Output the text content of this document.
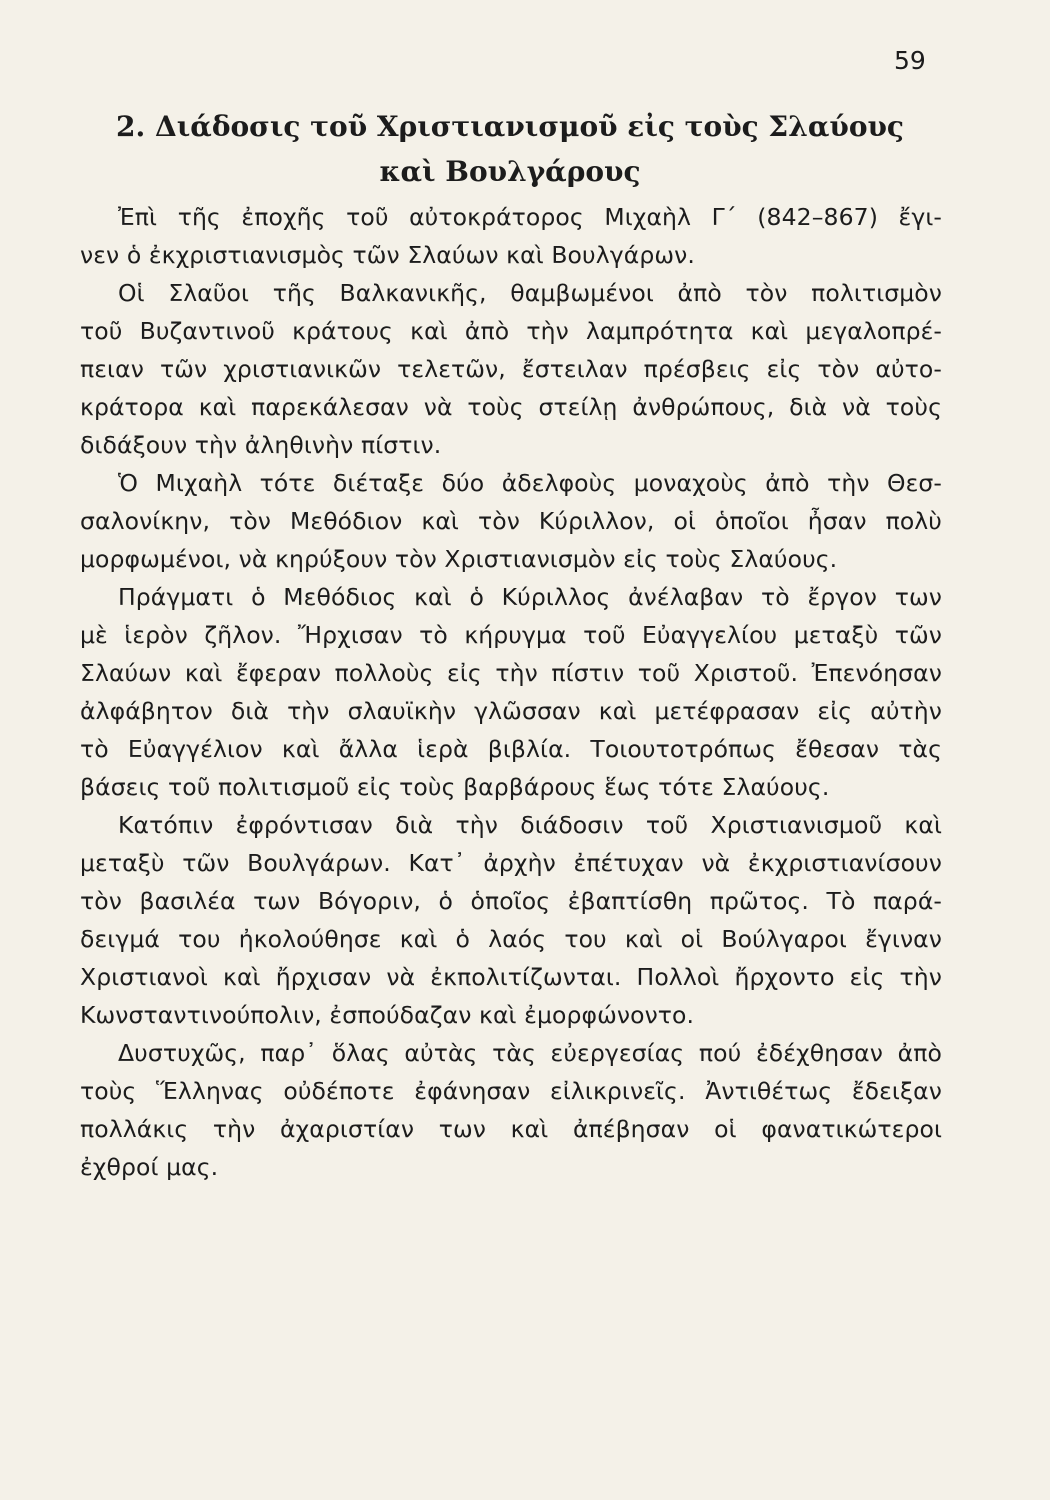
59
2. Διάδοσις τοῦ Χριστιανισμοῦ εἰς τοὺς Σλαύους
καὶ Βουλγάρους
Ἐπὶ τῆς ἐποχῆς τοῦ αὐτοκράτορος Μιχαὴλ Γ΄ (842–867) ἔγι-
νεν ὁ ἐκχριστιανισμὸς τῶν Σλαύων καὶ Βουλγάρων.
Οἱ Σλαῦοι τῆς Βαλκανικῆς, θαμβωμένοι ἀπὸ τὸν πολιτισμὸν
τοῦ Βυζαντινοῦ κράτους καὶ ἀπὸ τὴν λαμπρότητα καὶ μεγαλοπρέ-
πειαν τῶν χριστιανικῶν τελετῶν, ἔστειλαν πρέσβεις εἰς τὸν αὐτο-
κράτορα καὶ παρεκάλεσαν νὰ τοὺς στείλῃ ἀνθρώπους, διὰ νὰ τοὺς
διδάξουν τὴν ἀληθινὴν πίστιν.
Ὁ Μιχαὴλ τότε διέταξε δύο ἀδελφοὺς μοναχοὺς ἀπὸ τὴν Θεσ-
σαλονίκην, τὸν Μεθόδιον καὶ τὸν Κύριλλον, οἱ ὁποῖοι ἦσαν πολὺ
μορφωμένοι, νὰ κηρύξουν τὸν Χριστιανισμὸν εἰς τοὺς Σλαύους.
Πράγματι ὁ Μεθόδιος καὶ ὁ Κύριλλος ἀνέλαβαν τὸ ἔργον των
μὲ ἱερὸν ζῆλον. Ἤρχισαν τὸ κήρυγμα τοῦ Εὐαγγελίου μεταξὺ τῶν
Σλαύων καὶ ἔφεραν πολλοὺς εἰς τὴν πίστιν τοῦ Χριστοῦ. Ἐπενόησαν
ἀλφάβητον διὰ τὴν σλαυϊκὴν γλῶσσαν καὶ μετέφρασαν εἰς αὐτὴν
τὸ Εὐαγγέλιον καὶ ἄλλα ἱερὰ βιβλία. Τοιουτοτρόπως ἔθεσαν τὰς
βάσεις τοῦ πολιτισμοῦ εἰς τοὺς βαρβάρους ἕως τότε Σλαύους.
Κατόπιν ἐφρόντισαν διὰ τὴν διάδοσιν τοῦ Χριστιανισμοῦ καὶ
μεταξὺ τῶν Βουλγάρων. Κατ᾽ ἀρχὴν ἐπέτυχαν νὰ ἐκχριστιανίσουν
τὸν βασιλέα των Βόγοριν, ὁ ὁποῖος ἐβαπτίσθη πρῶτος. Τὸ παρά-
δειγμά του ἠκολούθησε καὶ ὁ λαός του καὶ οἱ Βούλγαροι ἔγιναν
Χριστιανοὶ καὶ ἤρχισαν νὰ ἐκπολιτίζωνται. Πολλοὶ ἤρχοντο εἰς τὴν
Κωνσταντινούπολιν, ἐσπούδαζαν καὶ ἐμορφώνοντο.
Δυστυχῶς, παρ᾽ ὅλας αὐτὰς τὰς εὐεργεσίας πού ἐδέχθησαν ἀπὸ
τοὺς Ἕλληνας οὐδέποτε ἐφάνησαν εἰλικρινεῖς. Ἀντιθέτως ἔδειξαν
πολλάκις τὴν ἀχαριστίαν των καὶ ἀπέβησαν οἱ φανατικώτεροι
ἐχθροί μας.
